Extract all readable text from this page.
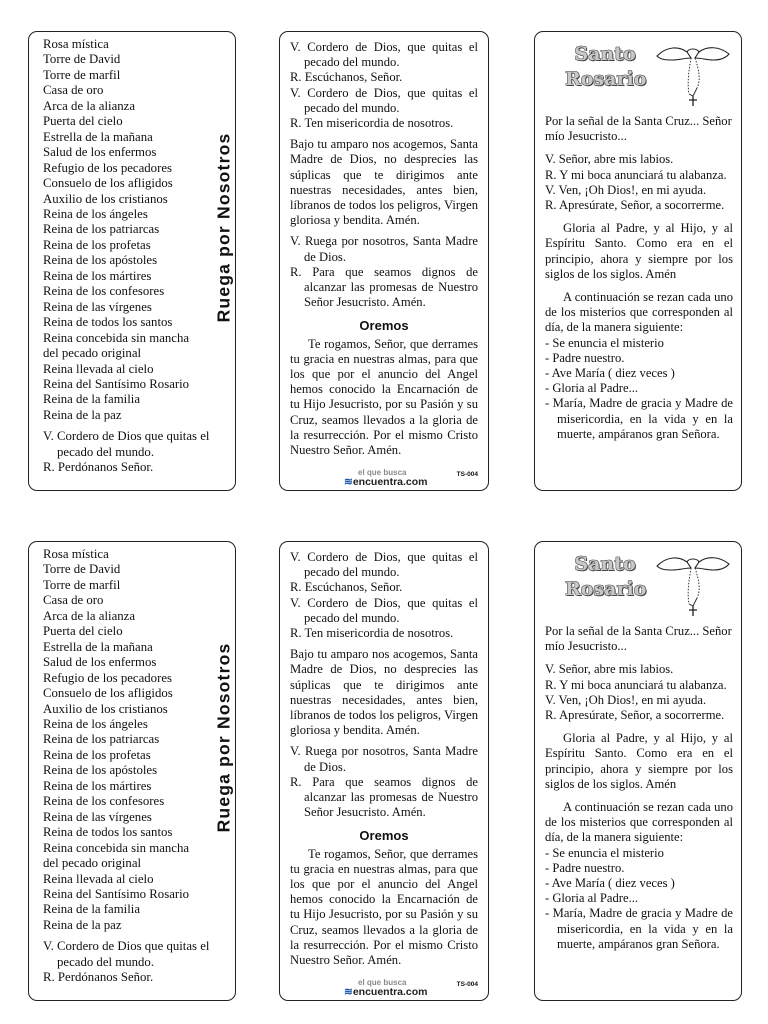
Rosa mística
Torre de David
Torre de marfil
Casa de oro
Arca de la alianza
Puerta del cielo
Estrella de la mañana
Salud de los enfermos
Refugio de los pecadores
Consuelo de los afligidos
Auxilio de los cristianos
Reina de los ángeles
Reina de los patriarcas
Reina de los profetas
Reina de los apóstoles
Reina de los mártires
Reina de los confesores
Reina de las vírgenes
Reina de todos los santos
Reina concebida sin mancha
del pecado original
Reina llevada al cielo
Reina del Santísimo Rosario
Reina de la familia
Reina de la paz
V. Cordero de Dios que quitas el pecado del mundo.
R. Perdónanos Señor.
Ruega por Nosotros
V. Cordero de Dios, que quitas el pecado del mundo.
R. Escúchanos, Señor.
V. Cordero de Dios, que quitas el pecado del mundo.
R. Ten misericordia de nosotros.
Bajo tu amparo nos acogemos, Santa Madre de Dios, no desprecies las súplicas que te dirigimos ante nuestras necesidades, antes bien, líbranos de todos los peligros, Virgen gloriosa y bendita. Amén.
V. Ruega por nosotros, Santa Madre de Dios.
R. Para que seamos dignos de alcanzar las promesas de Nuestro Señor Jesucristo. Amén.
Oremos
Te rogamos, Señor, que derrames tu gracia en nuestras almas, para que los que por el anuncio del Angel hemos conocido la Encarnación de tu Hijo Jesucristo, por su Pasión y su Cruz, seamos llevados a la gloria de la resurrección. Por el mismo Cristo Nuestro Señor. Amén.
TS-004
el que busca
≋encuentra.com
Santo
Rosario
Por la señal de la Santa Cruz... Señor mío Jesucristo...
V. Señor, abre mis labios.
R. Y mi boca anunciará tu alabanza.
V. Ven, ¡Oh Dios!, en mi ayuda.
R. Apresúrate, Señor, a socorrerme.
Gloria al Padre, y al Hijo, y al Espíritu Santo. Como era en el principio, ahora y siempre por los siglos de los siglos. Amén
A continuación se rezan cada uno de los misterios que corresponden al día, de la manera siguiente:
- Se enuncia el misterio
- Padre nuestro.
- Ave María ( diez veces )
- Gloria al Padre...
- María, Madre de gracia y Madre de misericordia, en la vida y en la muerte, ampáranos gran Señora.
Rosa mística
Torre de David
Torre de marfil
Casa de oro
Arca de la alianza
Puerta del cielo
Estrella de la mañana
Salud de los enfermos
Refugio de los pecadores
Consuelo de los afligidos
Auxilio de los cristianos
Reina de los ángeles
Reina de los patriarcas
Reina de los profetas
Reina de los apóstoles
Reina de los mártires
Reina de los confesores
Reina de las vírgenes
Reina de todos los santos
Reina concebida sin mancha
del pecado original
Reina llevada al cielo
Reina del Santísimo Rosario
Reina de la familia
Reina de la paz
V. Cordero de Dios que quitas el pecado del mundo.
R. Perdónanos Señor.
Ruega por Nosotros
V. Cordero de Dios, que quitas el pecado del mundo.
R. Escúchanos, Señor.
V. Cordero de Dios, que quitas el pecado del mundo.
R. Ten misericordia de nosotros.
Bajo tu amparo nos acogemos, Santa Madre de Dios, no desprecies las súplicas que te dirigimos ante nuestras necesidades, antes bien, líbranos de todos los peligros, Virgen gloriosa y bendita. Amén.
V. Ruega por nosotros, Santa Madre de Dios.
R. Para que seamos dignos de alcanzar las promesas de Nuestro Señor Jesucristo. Amén.
Oremos
Te rogamos, Señor, que derrames tu gracia en nuestras almas, para que los que por el anuncio del Angel hemos conocido la Encarnación de tu Hijo Jesucristo, por su Pasión y su Cruz, seamos llevados a la gloria de la resurrección. Por el mismo Cristo Nuestro Señor. Amén.
TS-004
el que busca
≋encuentra.com
Santo
Rosario
Por la señal de la Santa Cruz... Señor mío Jesucristo...
V. Señor, abre mis labios.
R. Y mi boca anunciará tu alabanza.
V. Ven, ¡Oh Dios!, en mi ayuda.
R. Apresúrate, Señor, a socorrerme.
Gloria al Padre, y al Hijo, y al Espíritu Santo. Como era en el principio, ahora y siempre por los siglos de los siglos. Amén
A continuación se rezan cada uno de los misterios que corresponden al día, de la manera siguiente:
- Se enuncia el misterio
- Padre nuestro.
- Ave María ( diez veces )
- Gloria al Padre...
- María, Madre de gracia y Madre de misericordia, en la vida y en la muerte, ampáranos gran Señora.
